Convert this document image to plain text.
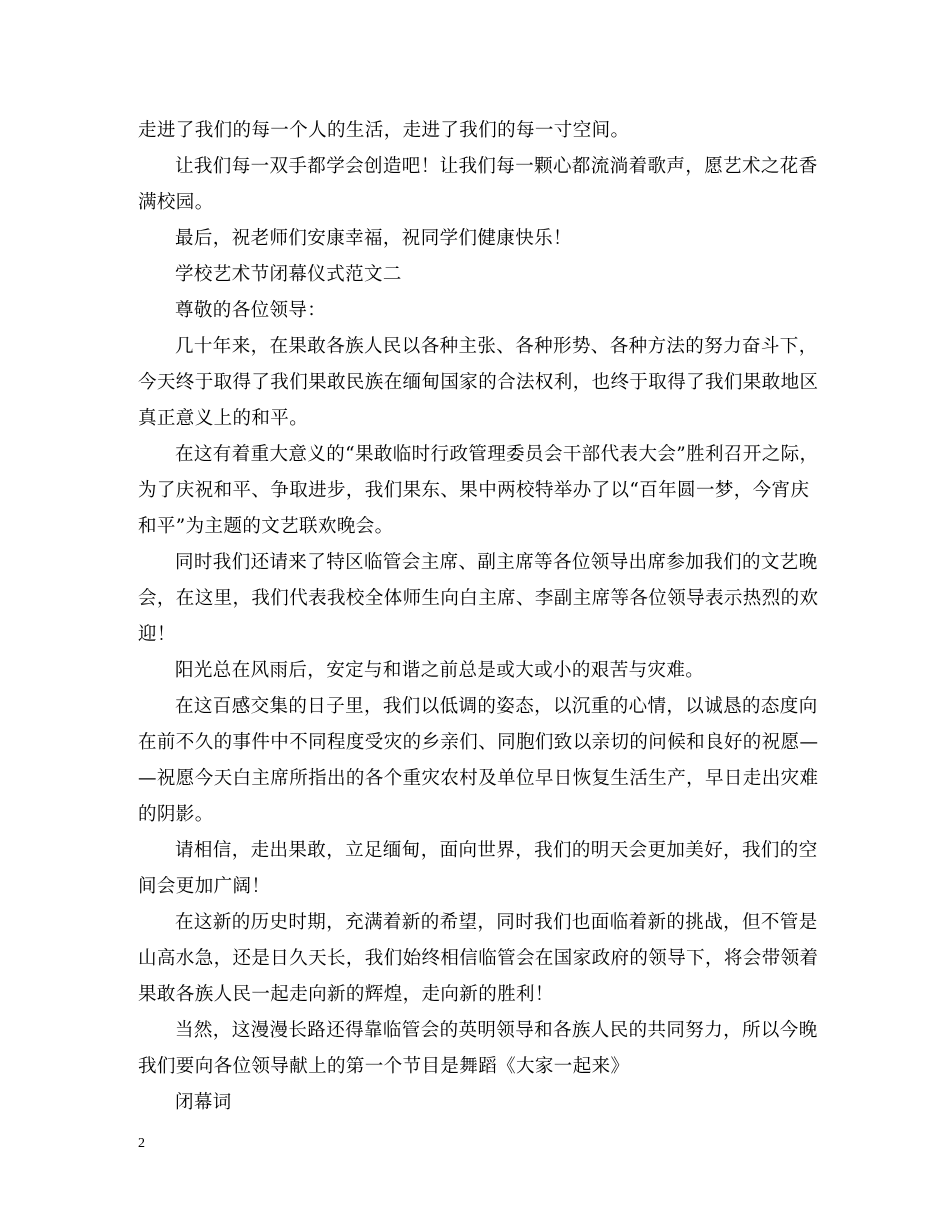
走进了我们的每一个人的生活，走进了我们的每一寸空间。
让我们每一双手都学会创造吧！让我们每一颗心都流淌着歌声，愿艺术之花香
满校园。
最后，祝老师们安康幸福，祝同学们健康快乐！
学校艺术节闭幕仪式范文二
尊敬的各位领导：
几十年来，在果敢各族人民以各种主张、各种形势、各种方法的努力奋斗下，
今天终于取得了我们果敢民族在缅甸国家的合法权利，也终于取得了我们果敢地区
真正意义上的和平。
在这有着重大意义的“果敢临时行政管理委员会干部代表大会”胜利召开之际，
为了庆祝和平、争取进步，我们果东、果中两校特举办了以“百年圆一梦，今宵庆
和平”为主题的文艺联欢晚会。
同时我们还请来了特区临管会主席、副主席等各位领导出席参加我们的文艺晚
会，在这里，我们代表我校全体师生向白主席、李副主席等各位领导表示热烈的欢
迎！
阳光总在风雨后，安定与和谐之前总是或大或小的艰苦与灾难。
在这百感交集的日子里，我们以低调的姿态，以沉重的心情，以诚恳的态度向
在前不久的事件中不同程度受灾的乡亲们、同胞们致以亲切的问候和良好的祝愿—
—祝愿今天白主席所指出的各个重灾农村及单位早日恢复生活生产，早日走出灾难
的阴影。
请相信，走出果敢，立足缅甸，面向世界，我们的明天会更加美好，我们的空
间会更加广阔！
在这新的历史时期，充满着新的希望，同时我们也面临着新的挑战，但不管是
山高水急，还是日久天长，我们始终相信临管会在国家政府的领导下，将会带领着
果敢各族人民一起走向新的辉煌，走向新的胜利！
当然，这漫漫长路还得靠临管会的英明领导和各族人民的共同努力，所以今晚
我们要向各位领导献上的第一个节目是舞蹈《大家一起来》
闭幕词
2
